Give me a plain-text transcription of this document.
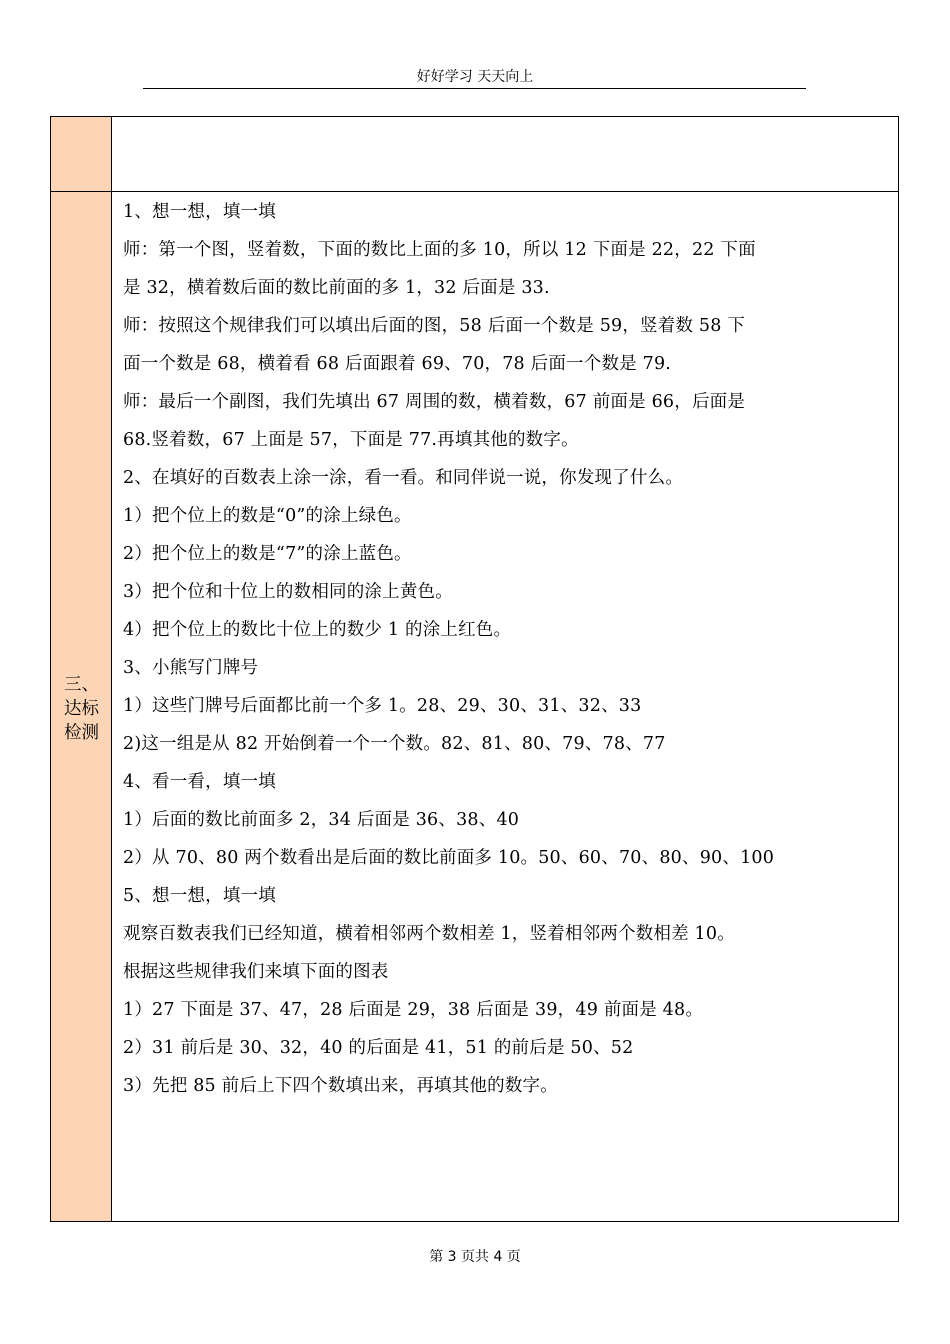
好好学习 天天向上
三、
达标
检测
1、想一想，填一填
师：第一个图，竖着数，下面的数比上面的多 10，所以 12 下面是 22，22 下面
是 32，横着数后面的数比前面的多 1，32 后面是 33.
师：按照这个规律我们可以填出后面的图，58 后面一个数是 59，竖着数 58 下
面一个数是 68，横着看 68 后面跟着 69、70，78 后面一个数是 79.
师：最后一个副图，我们先填出 67 周围的数，横着数，67 前面是 66，后面是
68.竖着数，67 上面是 57，下面是 77.再填其他的数字。
2、在填好的百数表上涂一涂，看一看。和同伴说一说，你发现了什么。
1）把个位上的数是“0”的涂上绿色。
2）把个位上的数是“7”的涂上蓝色。
3）把个位和十位上的数相同的涂上黄色。
4）把个位上的数比十位上的数少 1 的涂上红色。
3、小熊写门牌号
1）这些门牌号后面都比前一个多 1。28、29、30、31、32、33
2)这一组是从 82 开始倒着一个一个数。82、81、80、79、78、77
4、看一看，填一填
1）后面的数比前面多 2，34 后面是 36、38、40
2）从 70、80 两个数看出是后面的数比前面多 10。50、60、70、80、90、100
5、想一想，填一填
观察百数表我们已经知道，横着相邻两个数相差 1，竖着相邻两个数相差 10。
根据这些规律我们来填下面的图表
1）27 下面是 37、47，28 后面是 29，38 后面是 39，49 前面是 48。
2）31 前后是 30、32，40 的后面是 41，51 的前后是 50、52
3）先把 85 前后上下四个数填出来，再填其他的数字。
第 3 页共 4 页
